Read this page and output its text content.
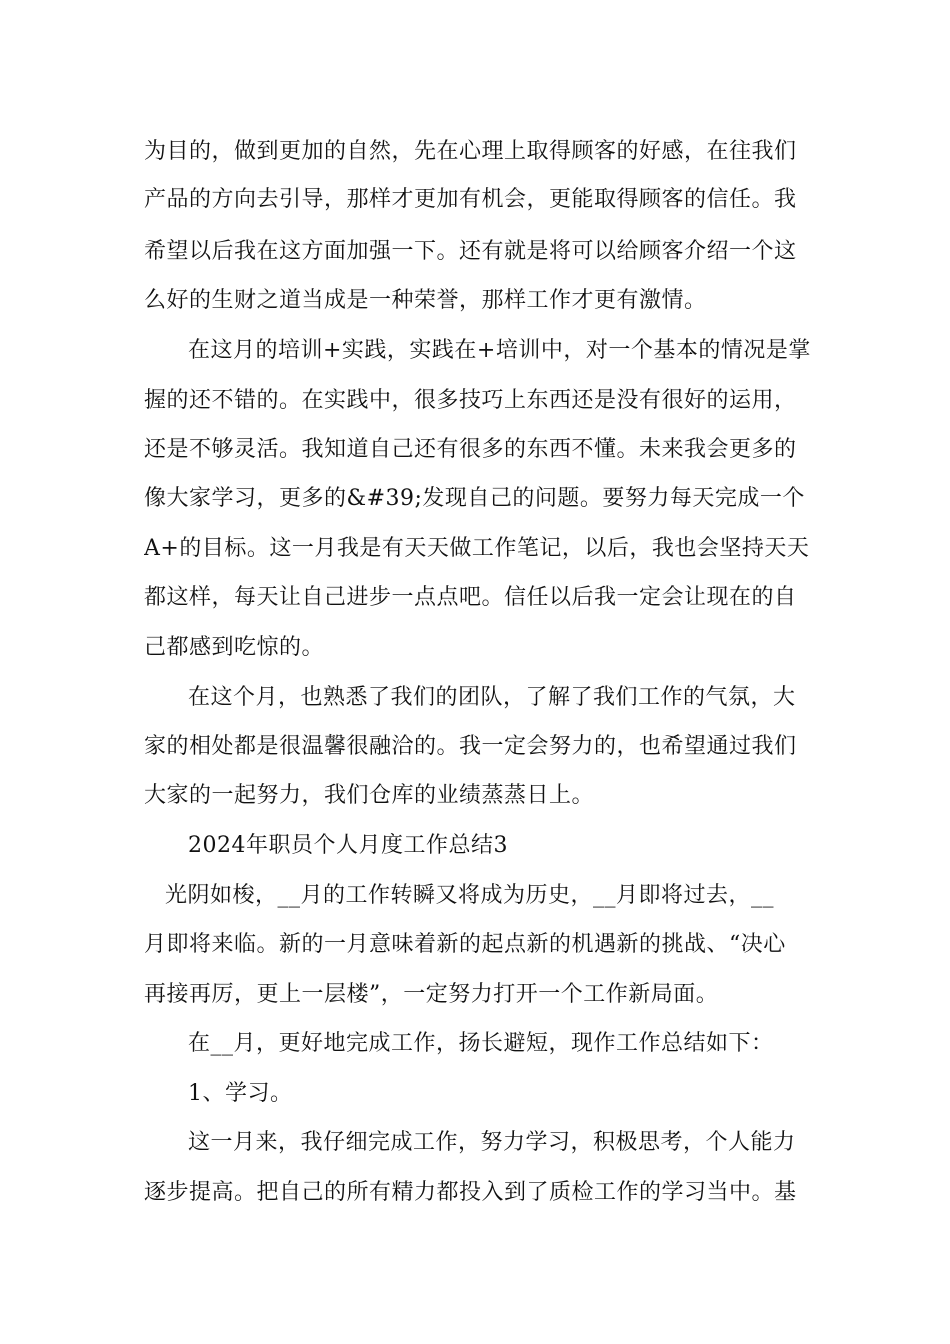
为目的，做到更加的自然，先在心理上取得顾客的好感，在往我们
产品的方向去引导，那样才更加有机会，更能取得顾客的信任。我
希望以后我在这方面加强一下。还有就是将可以给顾客介绍一个这
么好的生财之道当成是一种荣誉，那样工作才更有激情。
在这月的培训+实践，实践在+培训中，对一个基本的情况是掌
握的还不错的。在实践中，很多技巧上东西还是没有很好的运用，
还是不够灵活。我知道自己还有很多的东西不懂。未来我会更多的
像大家学习，更多的&#39;发现自己的问题。要努力每天完成一个
A+的目标。这一月我是有天天做工作笔记，以后，我也会坚持天天
都这样，每天让自己进步一点点吧。信任以后我一定会让现在的自
己都感到吃惊的。
在这个月，也熟悉了我们的团队，了解了我们工作的气氛，大
家的相处都是很温馨很融洽的。我一定会努力的，也希望通过我们
大家的一起努力，我们仓库的业绩蒸蒸日上。
2024年职员个人月度工作总结3
光阴如梭，__月的工作转瞬又将成为历史，__月即将过去，__
月即将来临。新的一月意味着新的起点新的机遇新的挑战、“决心
再接再厉，更上一层楼”，一定努力打开一个工作新局面。
在__月，更好地完成工作，扬长避短，现作工作总结如下：
1、学习。
这一月来，我仔细完成工作，努力学习，积极思考，个人能力
逐步提高。把自己的所有精力都投入到了质检工作的学习当中。基
